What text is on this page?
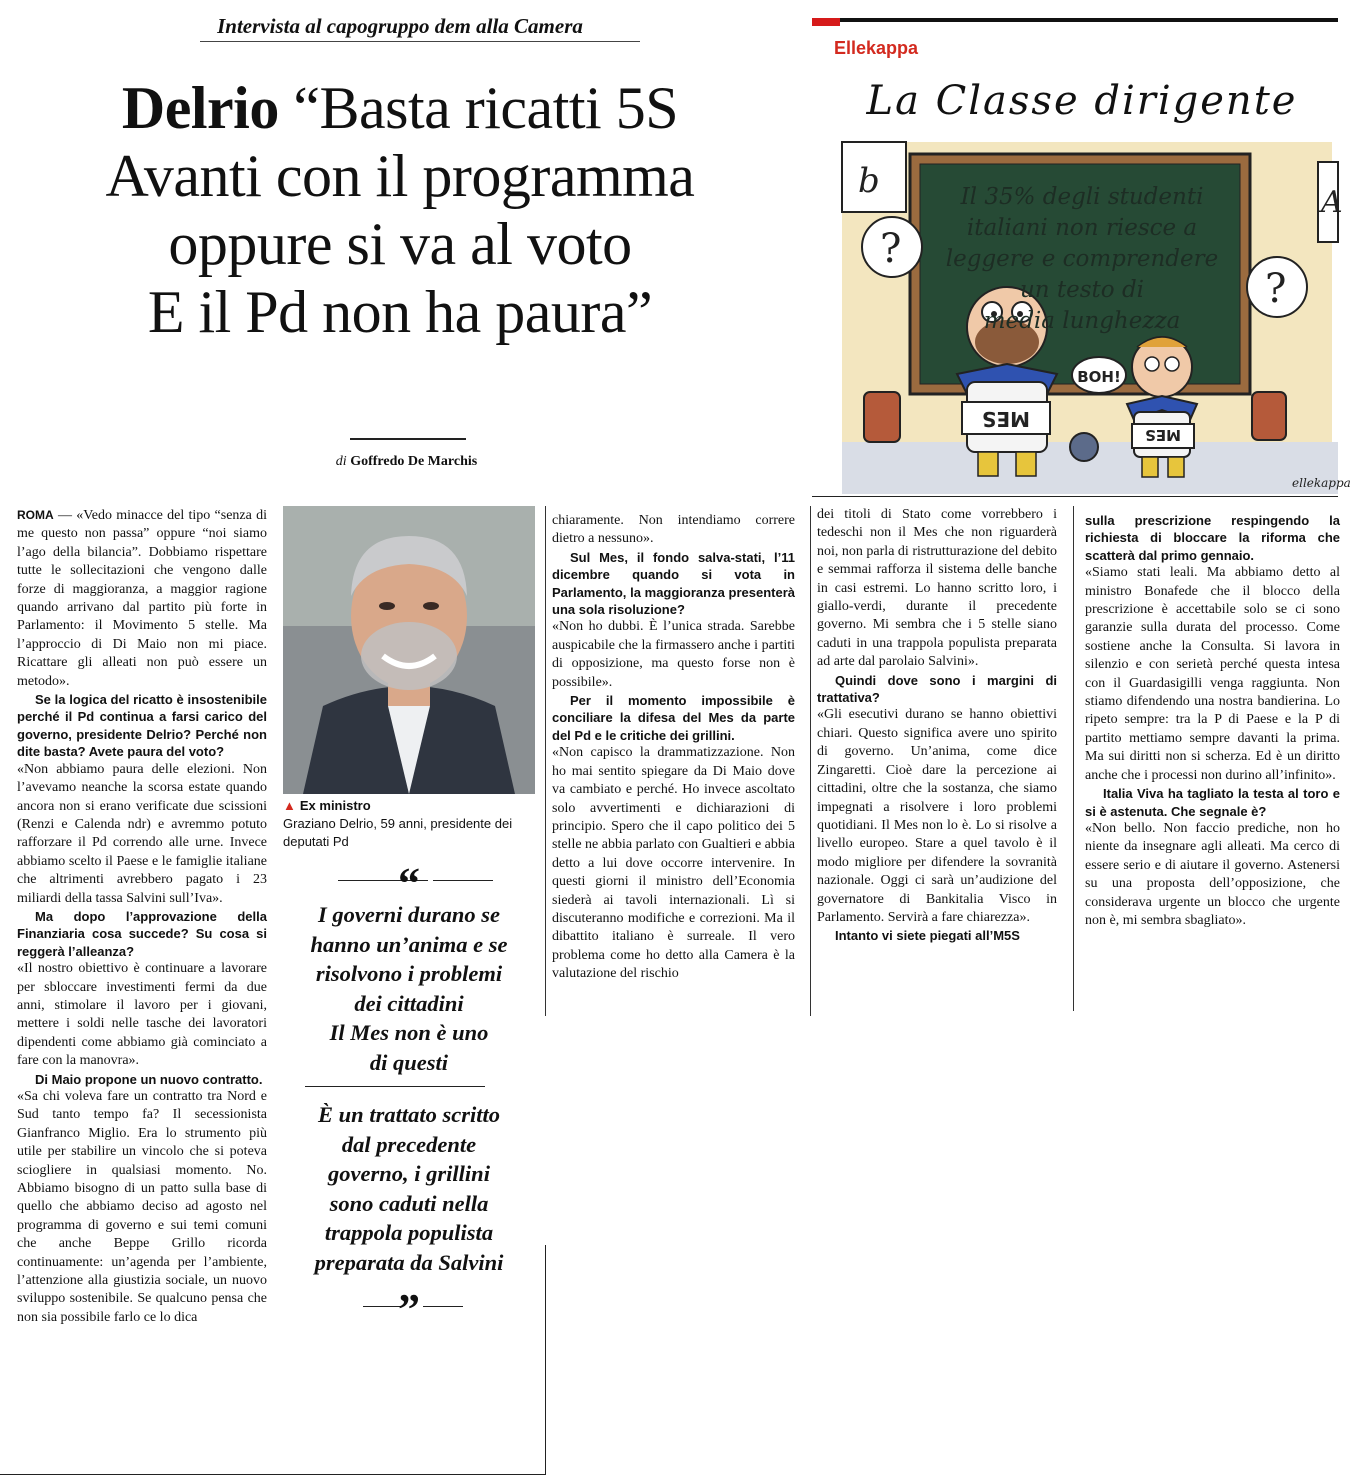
Intervista al capogruppo dem alla Camera
Delrio “Basta ricatti 5S
Avanti con il programma
oppure si va al voto
E il Pd non ha paura”
di Goffredo De Marchis
Ellekappa
La Classe dirigente
b
A
?
?
MES
BOH!
MES
ellekappa
Il 35% degli studenti
italiani non riesce a
leggere e comprendere
un testo di
media lunghezza
▲ Ex ministro
Graziano Delrio, 59 anni, presidente dei deputati Pd
“
I governi durano se
hanno un’anima e se
risolvono i problemi
dei cittadini
Il Mes non è uno
di questi
È un trattato scritto
dal precedente
governo, i grillini
sono caduti nella
trappola populista
preparata da Salvini
”

ROMA — «Vedo minacce del tipo “senza di me questo non passa” oppure “noi siamo l’ago della bilancia”. Dobbiamo rispettare tutte le sollecitazioni che vengono dalle forze di maggioranza, a maggior ragione quando arrivano dal partito più forte in Parlamento: il Movimento 5 stelle. Ma l’approccio di Di Maio non mi piace. Ricattare gli alleati non può essere un metodo».

Se la logica del ricatto è insostenibile perché il Pd continua a farsi carico del governo, presidente Delrio? Perché non dite basta? Avete paura del voto?

«Non abbiamo paura delle elezioni. Non l’avevamo neanche la scorsa estate quando ancora non si erano verificate due scissioni (Renzi e Calenda ndr) e avremmo potuto rafforzare il Pd correndo alle urne. Invece abbiamo scelto il Paese e le famiglie italiane che altrimenti avrebbero pagato i 23 miliardi della tassa Salvini sull’Iva».

Ma dopo l’approvazione della Finanziaria cosa succede? Su cosa si reggerà l’alleanza?

«Il nostro obiettivo è continuare a lavorare per sbloccare investimenti fermi da due anni, stimolare il lavoro per i giovani, mettere i soldi nelle tasche dei lavoratori dipendenti come abbiamo già cominciato a fare con la manovra».

Di Maio propone un nuovo contratto.

«Sa chi voleva fare un contratto tra Nord e Sud tanto tempo fa? Il secessionista Gianfranco Miglio. Era lo strumento più utile per stabilire un vincolo che si poteva sciogliere in qualsiasi momento. No. Abbiamo bisogno di un patto sulla base di quello che abbiamo deciso ad agosto nel programma di governo e sui temi comuni che anche Beppe Grillo ricorda continuamente: un’agenda per l’ambiente, l’attenzione alla giustizia sociale, un nuovo sviluppo sostenibile. Se qualcuno pensa che non sia possibile farlo ce lo dica

chiaramente. Non intendiamo correre dietro a nessuno».

Sul Mes, il fondo salva-stati, l’11 dicembre quando si vota in Parlamento, la maggioranza presenterà una sola risoluzione?

«Non ho dubbi. È l’unica strada. Sarebbe auspicabile che la firmassero anche i partiti di opposizione, ma questo forse non è possibile».

Per il momento impossibile è conciliare la difesa del Mes da parte del Pd e le critiche dei grillini.

«Non capisco la drammatizzazione. Non ho mai sentito spiegare da Di Maio dove va cambiato e perché. Ho invece ascoltato solo avvertimenti e dichiarazioni di principio. Spero che il capo politico dei 5 stelle ne abbia parlato con Gualtieri e abbia detto a lui dove occorre intervenire. In questi giorni il ministro dell’Economia siederà ai tavoli internazionali. Lì si discuteranno modifiche e correzioni. Ma il dibattito italiano è surreale. Il vero problema come ho detto alla Camera è la valutazione del rischio

dei titoli di Stato come vorrebbero i tedeschi non il Mes che non riguarderà noi, non parla di ristrutturazione del debito e semmai rafforza il sistema delle banche in casi estremi. Lo hanno scritto loro, i giallo-verdi, durante il precedente governo. Mi sembra che i 5 stelle siano caduti in una trappola populista preparata ad arte dal parolaio Salvini».

Quindi dove sono i margini di trattativa?

«Gli esecutivi durano se hanno obiettivi chiari. Questo significa avere uno spirito di governo. Un’anima, come dice Zingaretti. Cioè dare la percezione ai cittadini, oltre che la sostanza, che siamo impegnati a risolvere i loro problemi quotidiani. Il Mes non lo è. Lo si risolve a livello europeo. Stare a quel tavolo è il modo migliore per difendere la sovranità nazionale. Oggi ci sarà un’audizione del governatore di Bankitalia Visco in Parlamento. Servirà a fare chiarezza».

Intanto vi siete piegati all’M5S

sulla prescrizione respingendo la richiesta di bloccare la riforma che scatterà dal primo gennaio.

«Siamo stati leali. Ma abbiamo detto al ministro Bonafede che il blocco della prescrizione è accettabile solo se ci sono garanzie sulla durata del processo. Come sostiene anche la Consulta. Si lavora in silenzio e con serietà perché questa intesa con il Guardasigilli venga raggiunta. Non stiamo difendendo una nostra bandierina. Lo ripeto sempre: tra la P di Paese e la P di partito mettiamo sempre davanti la prima. Ma sui diritti non si scherza. Ed è un diritto anche che i processi non durino all’infinito».

Italia Viva ha tagliato la testa al toro e si è astenuta. Che segnale è?

«Non bello. Non faccio prediche, non ho niente da insegnare agli alleati. Ma cerco di essere serio e di aiutare il governo. Astenersi su una proposta dell’opposizione, che considerava urgente un blocco che urgente non è, mi sembra sbagliato».
